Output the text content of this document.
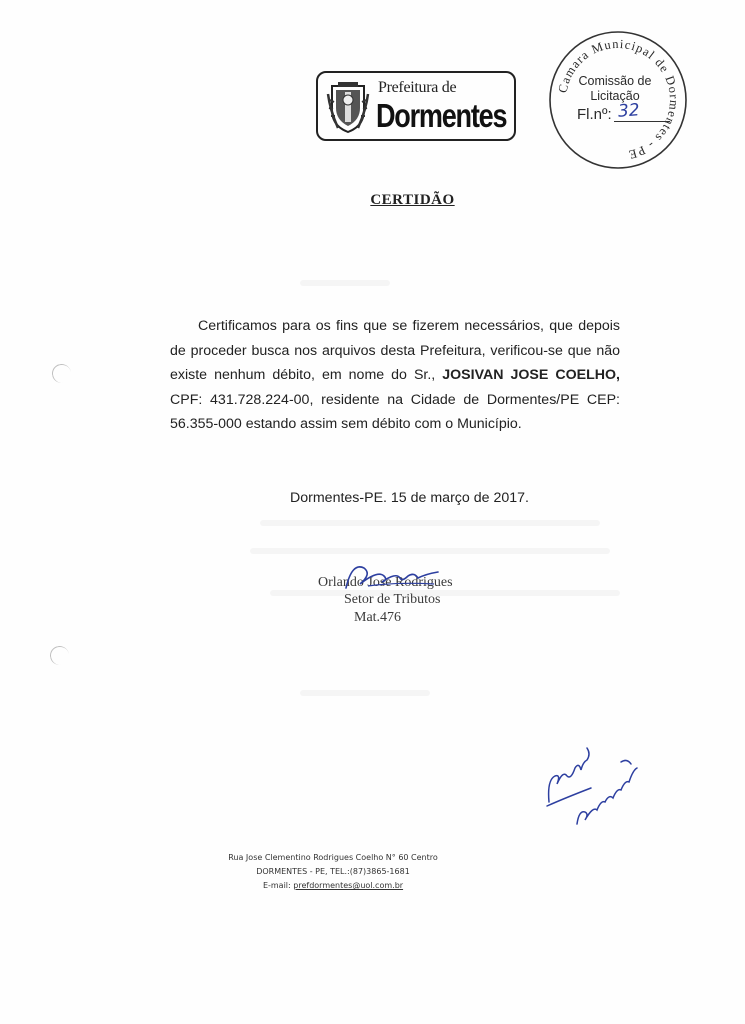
Prefeitura de
Dormentes
Camara Municipal de Dormentes - PE
Comissão de
Licitação
Fl.nº: 32
CERTIDÃO
Certificamos para os fins que se fizerem necessários, que depois de proceder busca nos arquivos desta Prefeitura, verificou-se que não existe nenhum débito, em nome do Sr., JOSIVAN JOSE COELHO, CPF: 431.728.224-00, residente na Cidade de Dormentes/PE CEP: 56.355-000 estando assim sem débito com o Município.
Dormentes-PE. 15 de março de 2017.
Orlando Jose Rodrigues
Setor de Tributos
Mat.476
Rua Jose Clementino Rodrigues Coelho N° 60 Centro
DORMENTES - PE, TEL.:(87)3865-1681
E-mail: prefdormentes@uol.com.br
